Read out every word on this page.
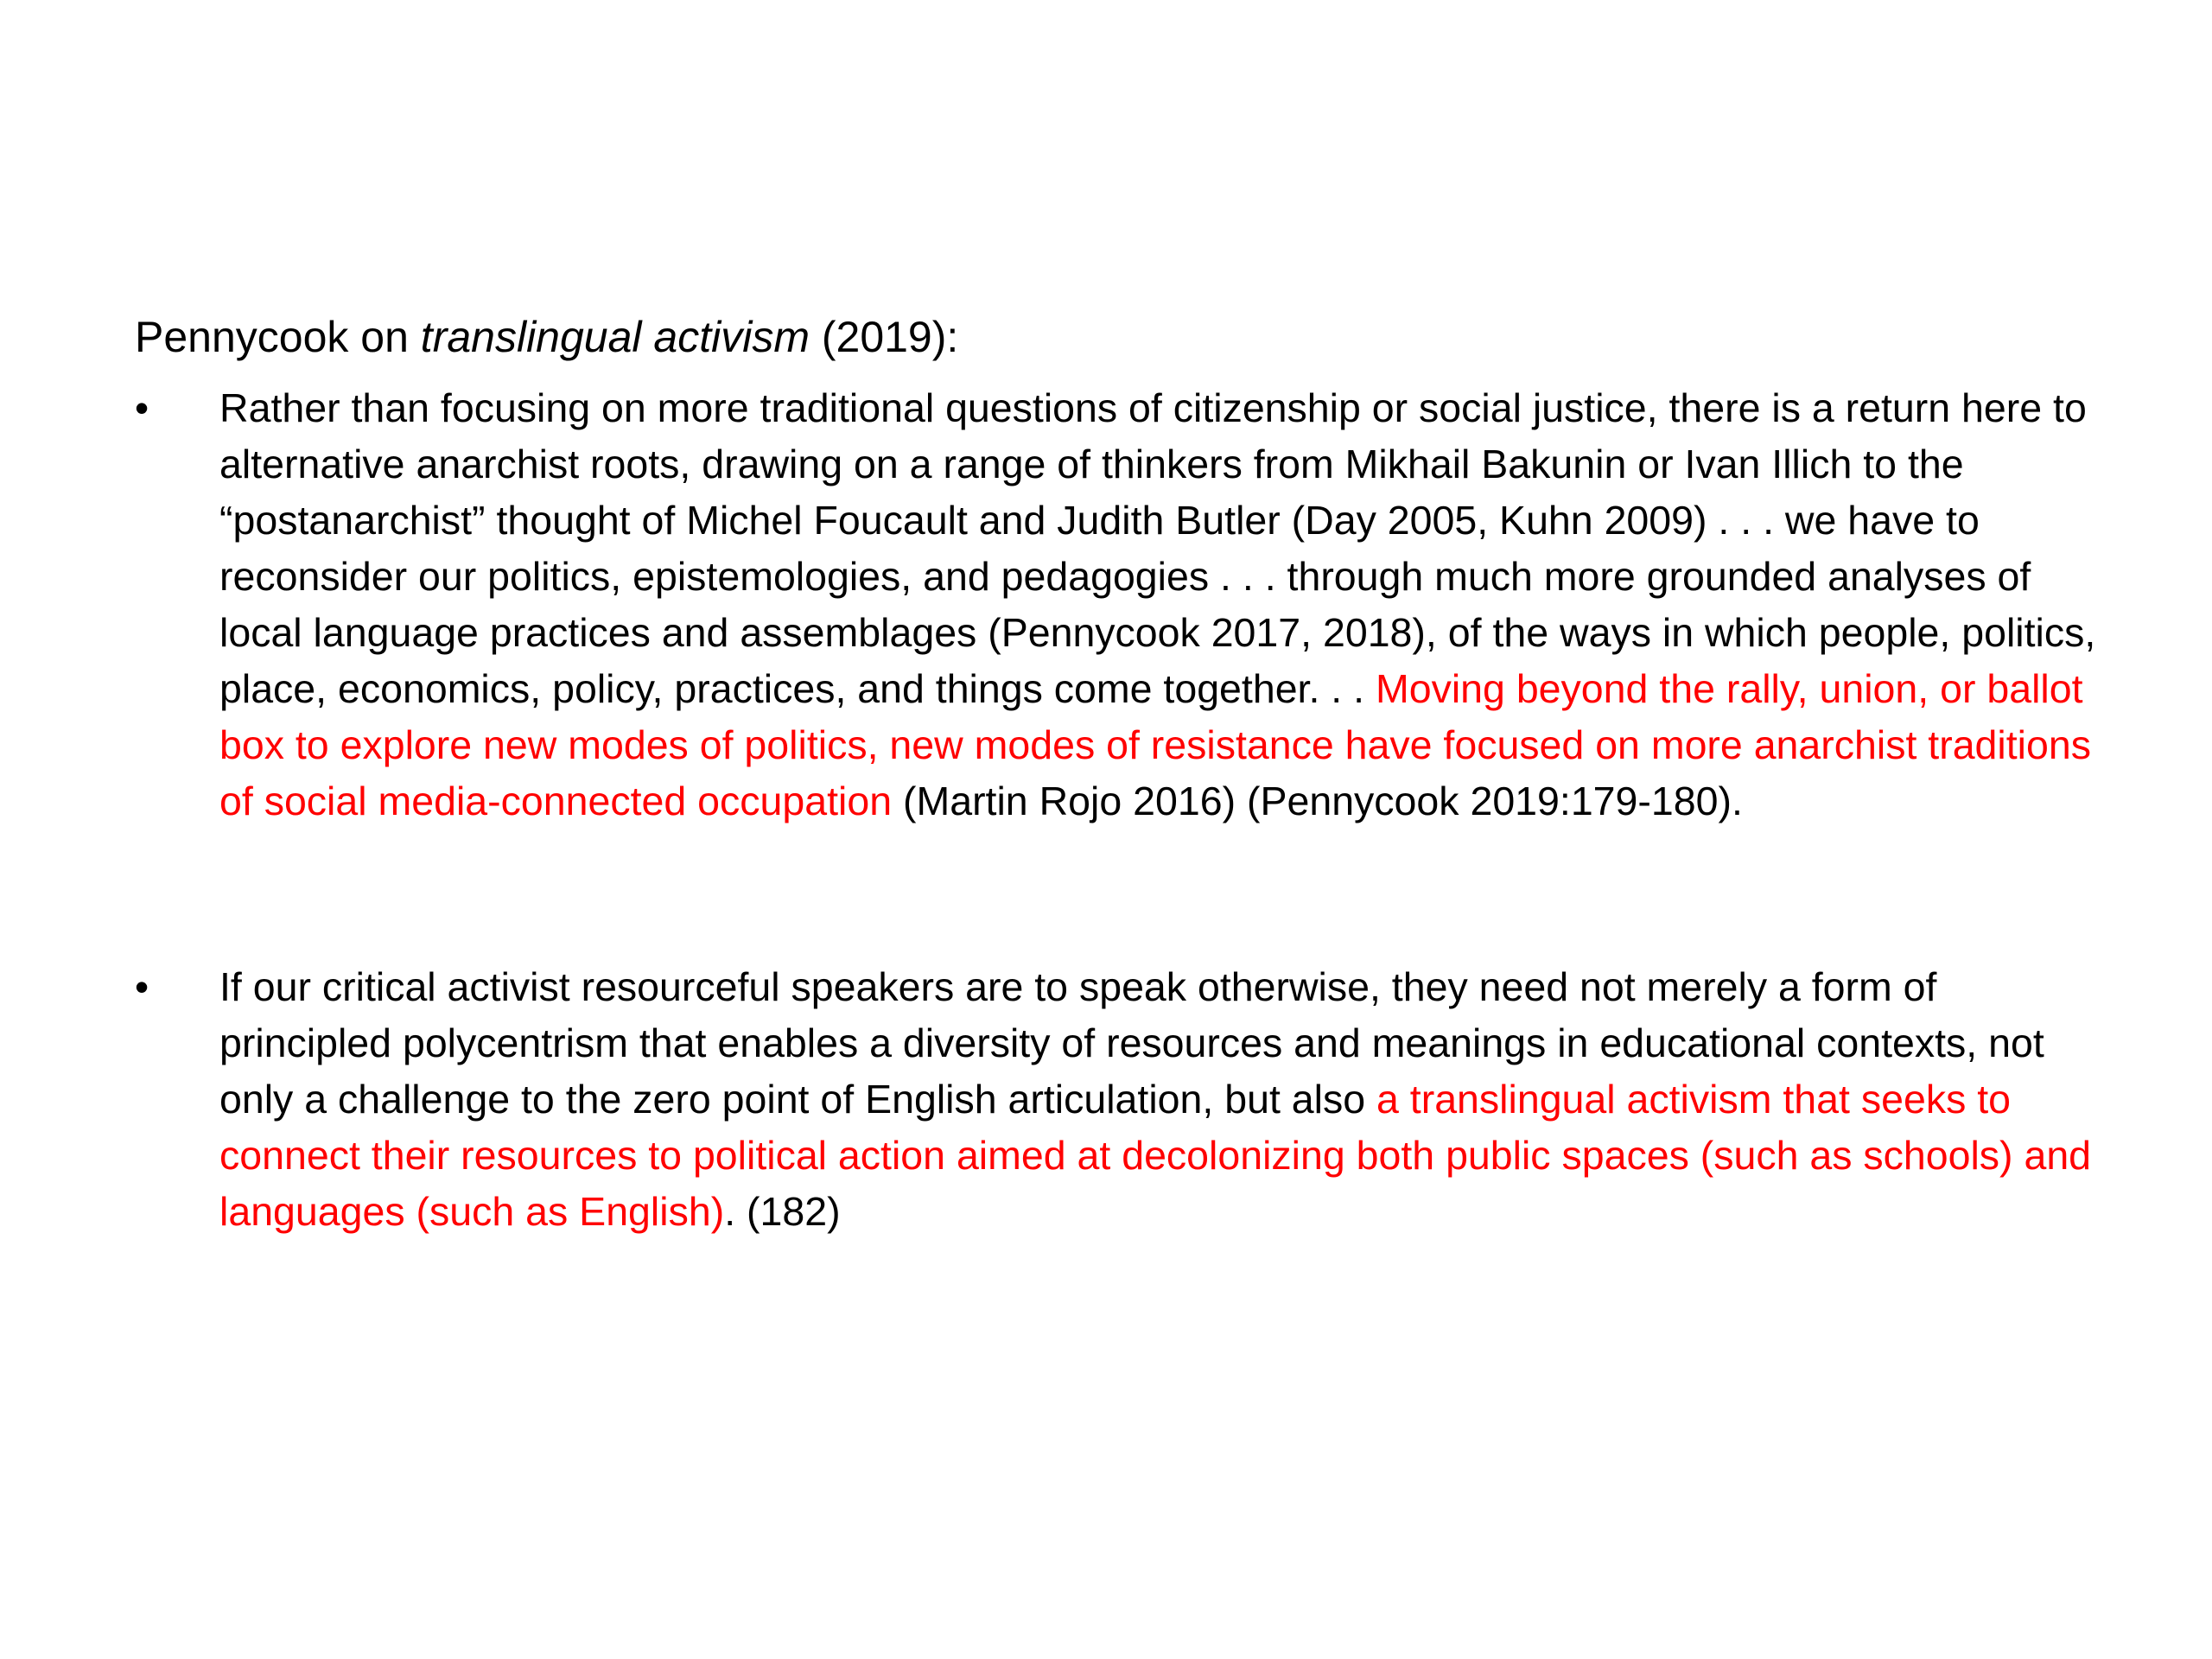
Pennycook on translingual activism (2019):
• Rather than focusing on more traditional questions of citizenship or social justice, there is a return here to alternative anarchist roots, drawing on a range of thinkers from Mikhail Bakunin or Ivan Illich to the “postanarchist” thought of Michel Foucault and Judith Butler (Day 2005, Kuhn 2009) . . . we have to reconsider our politics, epistemologies, and pedagogies . . . through much more grounded analyses of local language practices and assemblages (Pennycook 2017, 2018), of the ways in which people, politics, place, economics, policy, practices, and things come together. . . Moving beyond the rally, union, or ballot box to explore new modes of politics, new modes of resistance have focused on more anarchist traditions of social media-connected occupation (Martin Rojo 2016) (Pennycook 2019:179-180).
• If our critical activist resourceful speakers are to speak otherwise, they need not merely a form of principled polycentrism that enables a diversity of resources and meanings in educational contexts, not only a challenge to the zero point of English articulation, but also a translingual activism that seeks to connect their resources to political action aimed at decolonizing both public spaces (such as schools) and languages (such as English). (182)
